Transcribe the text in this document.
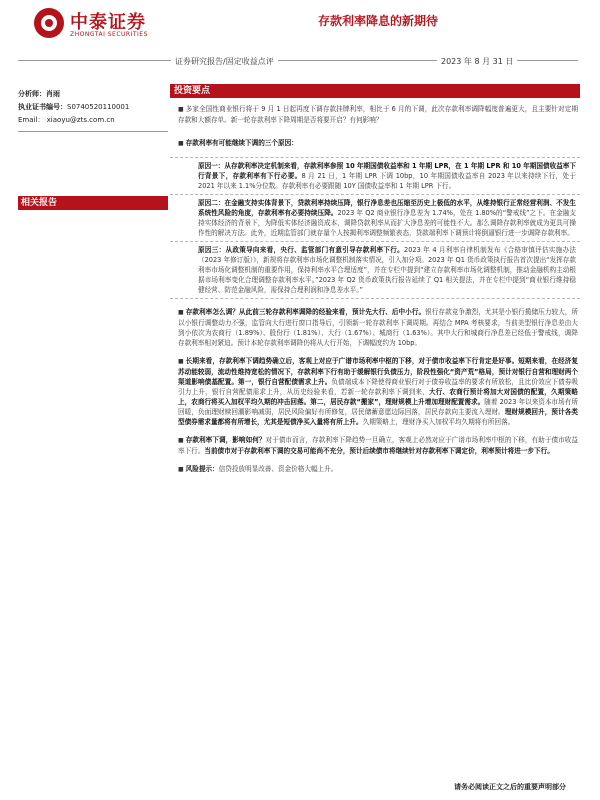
中泰证券
ZHONGTAI SECURITIES
存款利率降息的新期待
证券研究报告/固定收益点评	2023 年 8 月 31 日
分析师：肖雨
执业证书编号：S0740520110001
Email： xiaoyu@zts.com.cn
相关报告
投资要点

■ 多家全国性商业银行将于 9 月 1 日起再度下调存款挂牌利率，相比于 6 月的下调，此次存款利率调降幅度普遍更大，且主要针对定期存款和大额存单。新一轮存款利率下降周期是否将要开启？有何影响？

■ 存款利率有可能继续下调的三个原因：

原因一：从存款利率决定机制来看，存款利率参照 10 年期国债收益率和 1 年期 LPR，在 1 年期 LPR 和 10 年期国债收益率下行背景下，存款利率有下行必要。8 月 21 日，1 年期 LPR 下调 10bp，10 年期国债收益率自 2023 年以来持续下行，处于 2021 年以来 1.1%分位数。存款利率有必要跟随 10Y 国债收益率和 1 年期 LPR 下行。

原因二：在金融支持实体背景下，贷款利率持续压降，银行净息差也压缩至历史上极低的水平，从维持银行正常经营利润、不发生系统性风险的角度，存款利率有必要持续压降。2023 年 Q2 商业银行净息差为 1.74%，处在 1.80%的“警戒线”之下。在金融支持实体经济的背景下，为降低实体经济融资成本，调降贷款利率从而扩大净息差的可能性不大。那么调降存款利率就成为更具可操作性的解决方法。此外，近期监管部门就存量个人按揭利率调整频繁表态，贷款端利率下调预计将倒逼银行进一步调降存款利率。

原因三：从政策导向来看，央行、监管部门有意引导存款利率下行。2023 年 4 月利率自律机制发布《合格审慎评估实施办法（2023 年修订版）》，新规将存款利率市场化调整机制落实情况，引入加分项。2023 年 Q1 货币政策执行报告首次提出“发挥存款利率市场化调整机制的重要作用，保持利率水平合理适度”，并在专栏中提到“建立存款利率市场化调整机制，推动金融机构主动根据市场利率变化合理调整存款利率水平。”2023 年 Q2 货币政策执行报告延续了 Q1 相关提法，并在专栏中提到“商业银行维持稳健经营、防范金融风险，需保持合理利润和净息差水平。”

■ 存款利率怎么调？从此前三轮存款利率调降的经验来看，预计先大行、后中小行。银行存款竞争激烈，尤其是小银行揽储压力较大，所以小银行调整动力不强，监管向大行进行窗口指导后，引领新一轮存款利率下调周期。再结合 MPA 考核要求，当前美型银行净息差由大到小依次为农商行（1.89%）、股份行（1.81%）、大行（1.67%）、城商行（1.63%）。其中大行和城商行净息差已经低于警戒线，调降存款利率相对紧迫。预计本轮存款利率调降仍将从大行开始，下调幅度约为 10bp。

■ 长期来看，存款利率下调趋势确立后，客观上对应于广谱市场利率中枢的下移，对于债市收益率下行肯定是好事。短期来看，在经济复苏动能较弱，流动性维持宽松的情况下，存款利率下行有助于缓解银行负债压力，阶段性强化“资产荒”格局，预计对银行自营和理财两个渠道影响债基配置。第一，银行自营配债需求上升。负债端成本下降使得商业银行对于债券收益率的要求有所放松，且比价效应下债券吸引力上升，银行自营配债需求上升，从历史经验来看，若新一轮存款利率下调到来，大行、农商行预计将加大对国债的配置，久期策略上，农商行将买入加权平均久期的冲击回落。第二，居民存款“搬家”，理财规模上升增加理财配置需求。随着 2023 年以来资本市场有所回暖，负面理财赎回潮影响减弱，居民风险偏好有所修复，居民储蓄意愿边际回落，居民存款向主要流入理财。理财规模回升，预计各类型债券需求量都将有所增长，尤其是短债净买入量将有所上升。久期策略上，理财净买入加权平均久期将有所回落。

■ 存款利率下调，影响如何？对于债市而言，存款利率下降趋势一旦确立，客观上必然对应于广谱市场利率中枢的下移，有助于债市收益率下行。当前债市对于存款利率下调的交易可能尚不充分，预计后续债市将继续针对存款利率下调定价，利率预计将进一步下行。

■ 风险提示：信贷投放明显改善、资金价格大幅上升。

请务必阅读正文之后的重要声明部分
